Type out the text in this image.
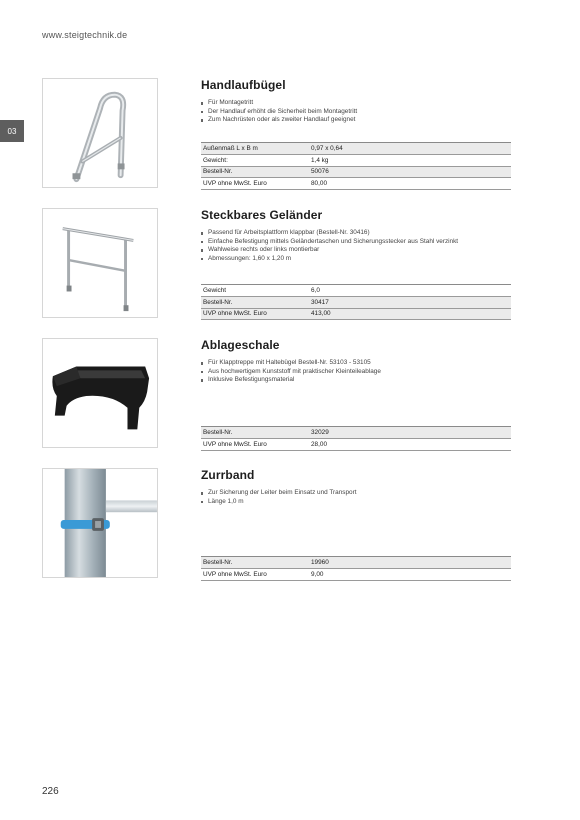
www.steigtechnik.de
03
Handlaufbügel
Für Montagetritt
Der Handlauf erhöht die Sicherheit beim Montagetritt
Zum Nachrüsten oder als zweiter Handlauf geeignet
Außenmaß L x B m	0,97 x 0,64
Gewicht:	1,4 kg
Bestell-Nr.	50076
UVP ohne MwSt. Euro	80,00
Steckbares Geländer
Passend für Arbeitsplattform klappbar (Bestell-Nr. 30416)
Einfache Befestigung mittels Geländertaschen und Sicherungsstecker aus Stahl verzinkt
Wahlweise rechts oder links montierbar
Abmessungen: 1,60 x 1,20 m
Gewicht	6,0
Bestell-Nr.	30417
UVP ohne MwSt. Euro	413,00
Ablageschale
Für Klapptreppe mit Haltebügel Bestell-Nr. 53103 - 53105
Aus hochwertigem Kunststoff mit praktischer Kleinteileablage
Inklusive Befestigungsmaterial
Bestell-Nr.	32029
UVP ohne MwSt. Euro	28,00
Zurrband
Zur Sicherung der Leiter beim Einsatz und Transport
Länge 1,0 m
Bestell-Nr.	19960
UVP ohne MwSt. Euro	9,00
226
